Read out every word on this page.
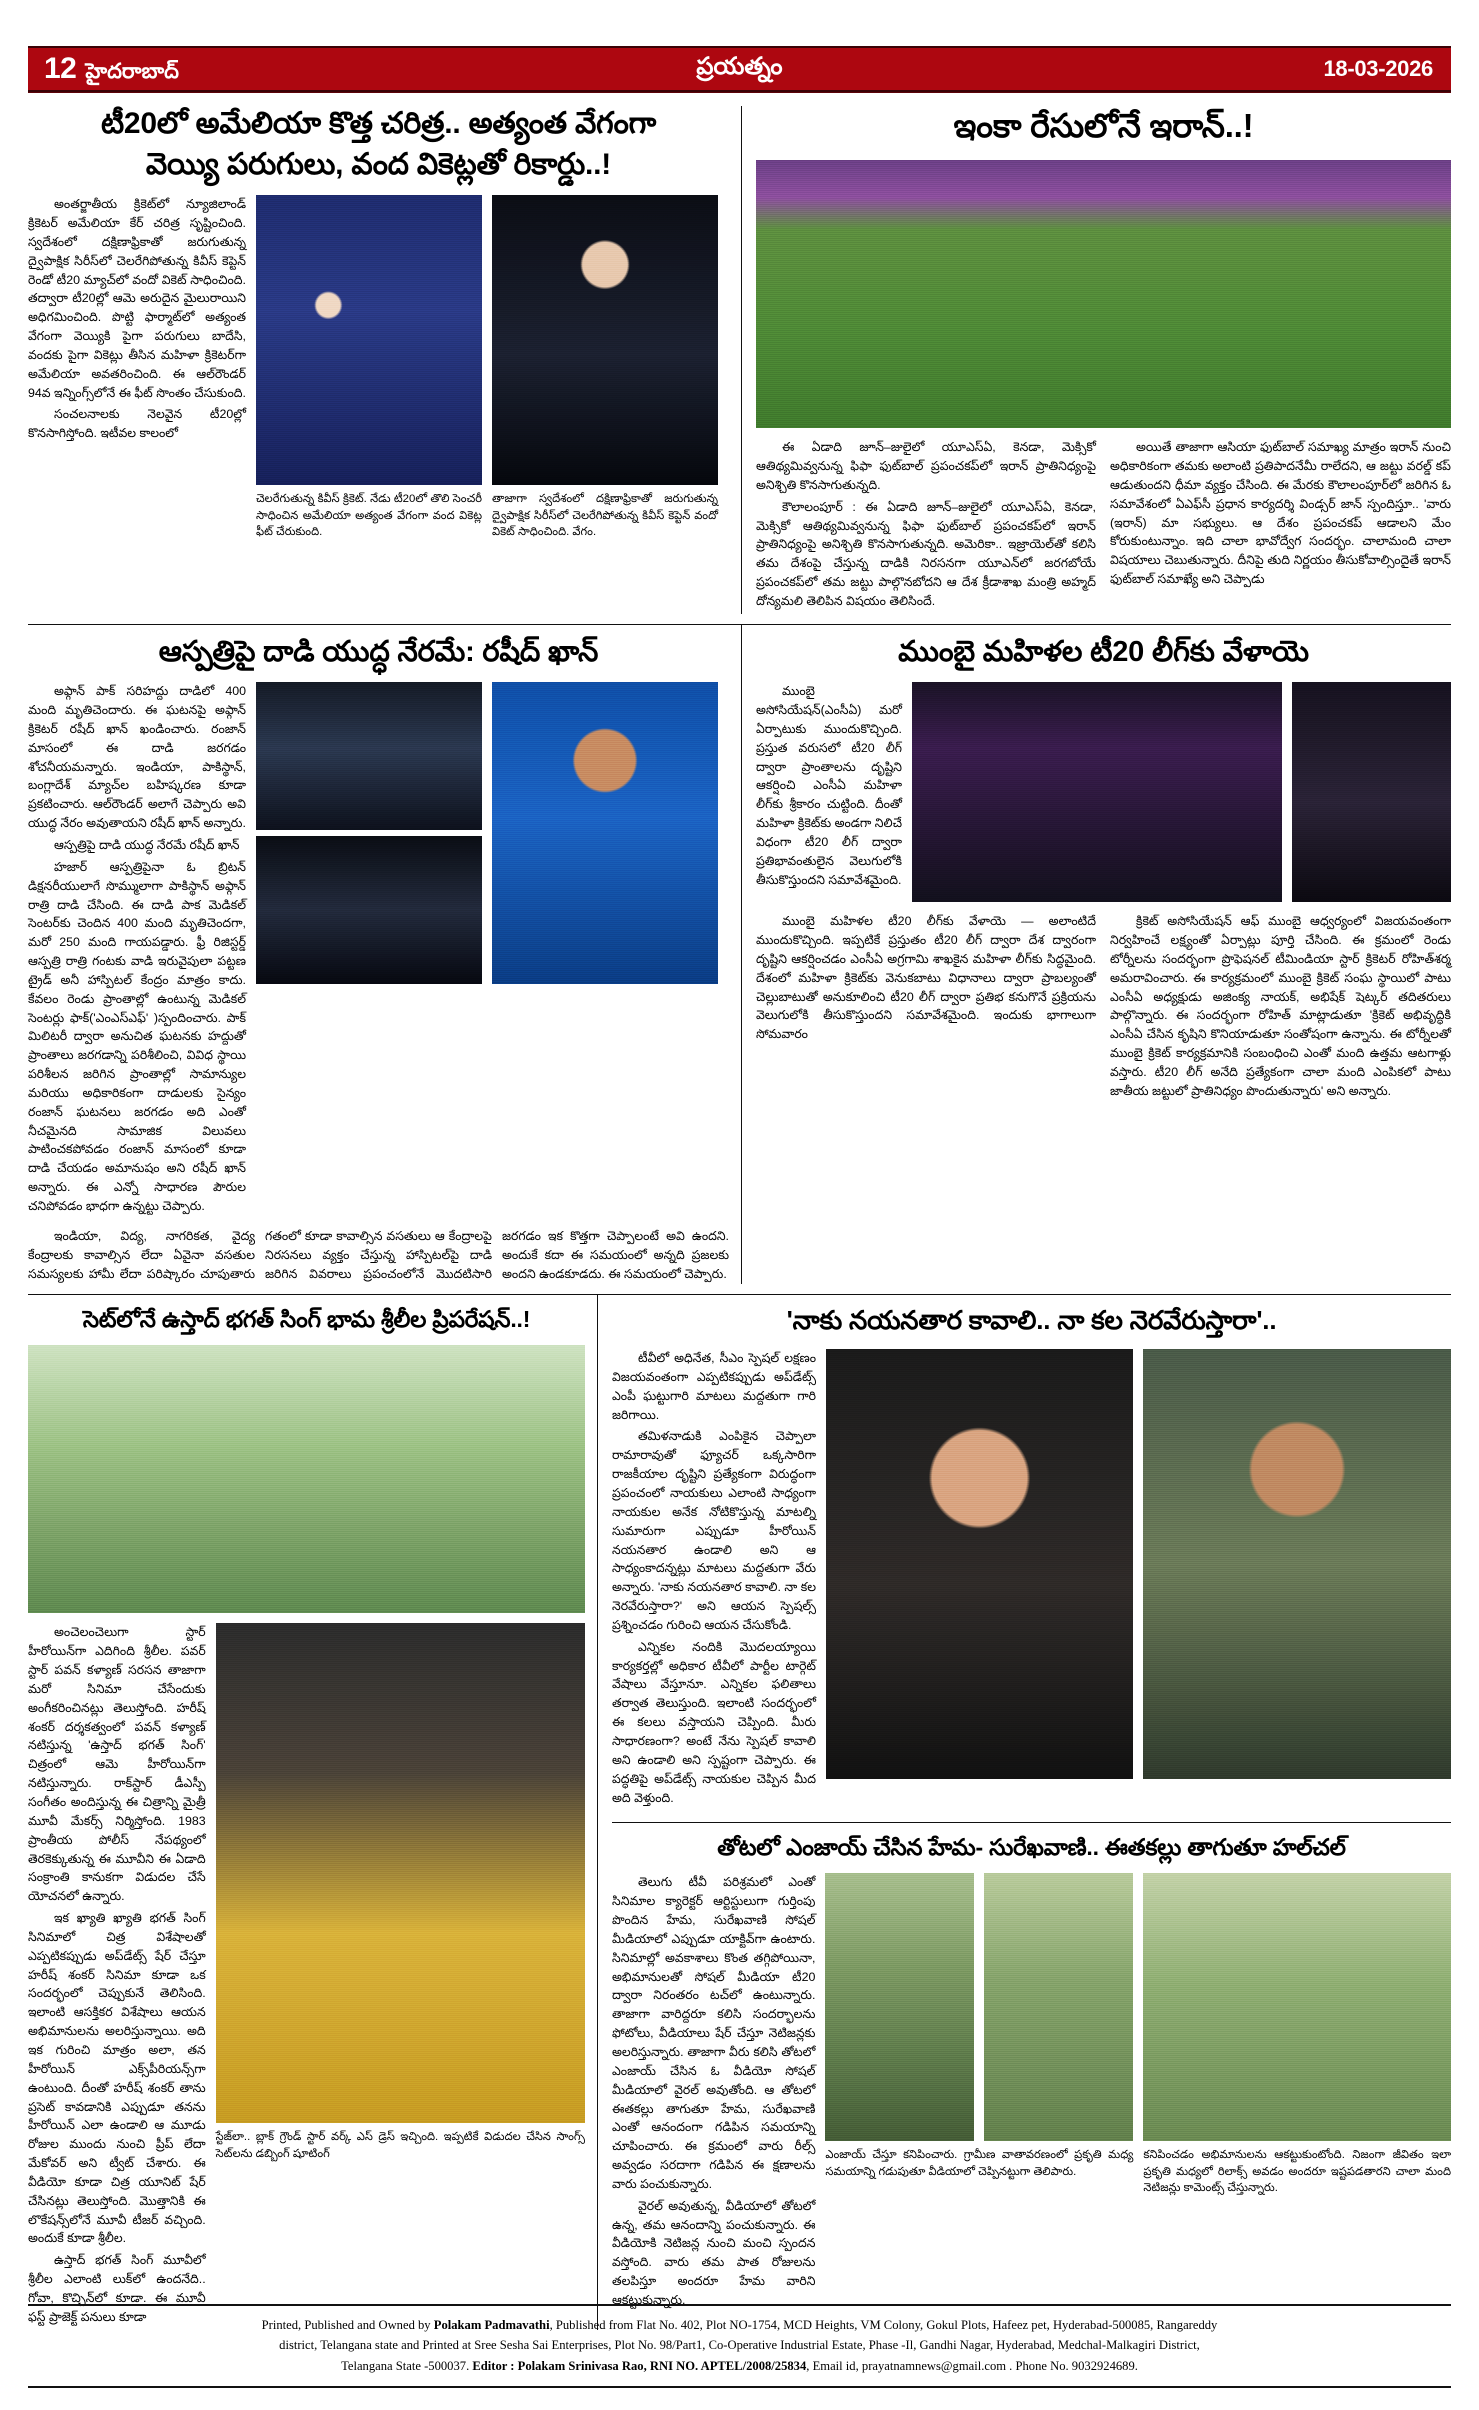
12 హైదరాబాద్	ప్రయత్నం	18-03-2026
టీ20లో అమేలియా కొత్త చరిత్ర.. అత్యంత వేగంగా
వెయ్యి పరుగులు, వంద వికెట్లతో రికార్డు..!

అంతర్జాతీయ క్రికెట్‌లో న్యూజిలాండ్ క్రికెటర్ అమేలియా కేర్ చరిత్ర సృష్టించింది. స్వదేశంలో దక్షిణాఫ్రికాతో జరుగుతున్న ద్వైపాక్షిక సిరీస్‌లో చెలరేగిపోతున్న కివీస్ కెప్టెన్ రెండో టీ20 మ్యాచ్‌లో వందో వికెట్ సాధించింది. తద్వారా టీ20ల్లో ఆమె అరుదైన మైలురాయిని అధిగమించింది. పొట్టి ఫార్మాట్‌లో అత్యంత వేగంగా వెయ్యికి పైగా పరుగులు బాదేసి, వందకు పైగా వికెట్లు తీసిన మహిళా క్రికెటర్‌గా అమేలియా అవతరించింది. ఈ ఆల్‌రౌండర్ 94వ ఇన్నింగ్స్‌లోనే ఈ ఫీట్ సొంతం చేసుకుంది.

సంచలనాలకు నెలవైన టీ20ల్లో కొనసాగిస్తోంది. ఇటీవల కాలంలో

చెలరేగుతున్న కివీస్ క్రికెట్. నేడు టీ20లో తొలి సెంచరీ సాధించిన అమేలియా అత్యంత వేగంగా వంద వికెట్ల ఫీట్ చేరుకుంది.
తాజాగా స్వదేశంలో దక్షిణాఫ్రికాతో జరుగుతున్న ద్వైపాక్షిక సిరీస్‌లో చెలరేగిపోతున్న కివీస్ కెప్టెన్ వందో వికెట్ సాధించింది. వేగం.
ఇంకా రేసులోనే ఇరాన్..!

ఈ ఏడాది జూన్–జులైలో యూఎస్‌ఏ, కెనడా, మెక్సికో ఆతిథ్యమివ్వనున్న ఫిఫా ఫుట్‌బాల్ ప్రపంచకప్‌లో ఇరాన్ ప్రాతినిధ్యంపై అనిశ్చితి కొనసాగుతున్నది.

కౌలాలంపూర్ : ఈ ఏడాది జూన్–జులైలో యూఎస్‌ఏ, కెనడా, మెక్సికో ఆతిథ్యమివ్వనున్న ఫిఫా ఫుట్‌బాల్ ప్రపంచకప్‌లో ఇరాన్ ప్రాతినిధ్యంపై అనిశ్చితి కొనసాగుతున్నది. అమెరికా.. ఇజ్రాయెల్‌తో కలిసి తమ దేశంపై చేస్తున్న దాడికి నిరసనగా యూఎన్‌లో జరగబోయే ప్రపంచకప్‌లో తమ జట్టు పాల్గొనబోదని ఆ దేశ క్రీడాశాఖ మంత్రి అహ్మద్ దోన్యమలి తెలిపిన విషయం తెలిసిందే.

అయితే తాజాగా ఆసియా ఫుట్‌బాల్ సమాఖ్య మాత్రం ఇరాన్ నుంచి అధికారికంగా తమకు అలాంటి ప్రతిపాదనేమీ రాలేదని, ఆ జట్టు వరల్డ్ కప్ ఆడుతుందని ధీమా వ్యక్తం చేసింది. ఈ మేరకు కౌలాలంపూర్‌లో జరిగిన ఓ సమావేశంలో ఏఎఫ్‌సీ ప్రధాన కార్యదర్శి విండ్సర్ జాన్ స్పందిస్తూ.. 'వారు (ఇరాన్) మా సభ్యులు. ఆ దేశం ప్రపంచకప్ ఆడాలని మేం కోరుకుంటున్నాం. ఇది చాలా భావోద్వేగ సందర్భం. చాలామంది చాలా విషయాలు చెబుతున్నారు. దీనిపై తుది నిర్ణయం తీసుకోవాల్సిందైతే ఇరాన్ ఫుట్‌బాల్ సమాఖ్యే అని చెప్పాడు

ఆస్పత్రిపై దాడి యుద్ధ నేరమే: రషీద్ ఖాన్

అఫ్గాన్ పాక్ సరిహద్దు దాడిలో 400 మంది మృతిచెందారు. ఈ ఘటనపై అఫ్గాన్ క్రికెటర్ రషీద్ ఖాన్ ఖండించారు. రంజాన్ మాసంలో ఈ దాడి జరగడం శోచనీయమన్నారు. ఇండియా, పాకిస్థాన్, బంగ్లాదేశ్ మ్యాచ్‌ల బహిష్కరణ కూడా ప్రకటించారు. ఆల్‌రౌండర్ అలాగే చెప్పారు అవి యుద్ధ నేరం అవుతాయని రషీద్ ఖాన్ అన్నారు.

ఆస్పత్రిపై దాడి యుద్ధ నేరమే రషీద్ ఖాన్

హజార్ ఆస్పత్రిపైనా ఓ బ్రిటన్ డిక్షనరీయులాగే సొమ్ములాగా పాకిస్థాన్ అఫ్గాన్ రాత్రి దాడి చేసింది. ఈ దాడి పాక మెడికల్ సెంటర్‌కు చెందిన 400 మంది మృతిచెందగా, మరో 250 మంది గాయపడ్డారు. ఫ్రీ రిజిస్టర్డ్ ఆస్పత్రి రాత్రి గంటకు వాడి ఇరువైపులా పట్టణ ట్రైడ్ అనీ హాస్పిటల్ కేంద్రం మాత్రం కాదు. కేవలం రెండు ప్రాంతాల్లో ఉంటున్న మెడికల్ సెంటర్లు ఫాక్('ఎంఎస్‌ఎఫ్' )స్పందించారు. పాక్ మిలిటరీ ద్వారా అనుచిత ఘటనకు హద్దుతో ప్రాంతాలు జరగడాన్ని పరిశీలించి, వివిధ స్థాయి పరిశీలన జరిగిన ప్రాంతాల్లో సామాన్యుల మరియు అధికారికంగా దాడులకు సైన్యం రంజాన్ ఘటనలు జరగడం అది ఎంతో నీచమైనది సామాజిక విలువలు పాటించకపోవడం రంజాన్ మాసంలో కూడా దాడి చేయడం అమానుషం అని రషీద్ ఖాన్ అన్నారు. ఈ ఎన్నో సాధారణ పౌరుల చనిపోవడం భాధగా ఉన్నట్టు చెప్పారు.

ఇండియా, విద్య, నాగరికత, వైద్య కేంద్రాలకు కావాల్సిన లేదా ఏవైనా వసతుల సమస్యలకు హామీ లేదా పరిష్కారం చూపుతారు గతంలో కూడా కావాల్సిన వసతులు ఆ కేంద్రాలపై నిరసనలు వ్యక్తం చేస్తున్న హాస్పిటల్‌పై దాడి జరిగిన వివరాలు ప్రపంచంలోనే మొదటిసారి జరగడం ఇక కొత్తగా చెప్పాలంటే అవి ఉందని. అందుకే కదా ఈ సమయంలో అన్నది ప్రజలకు అందని ఉండకూడదు. ఈ సమయంలో చెప్పారు.

ముంబై మహిళల టీ20 లీగ్‌కు వేళాయె

ముంబై అసోసియేషన్(ఎంసీఏ) మరో ఏర్పాటుకు ముందుకొచ్చింది. ప్రస్తుత వరుసలో టీ20 లీగ్ ద్వారా ప్రాంతాలను దృష్టిని ఆకర్షించి ఎంసీఏ మహిళా లీగ్‌కు శ్రీకారం చుట్టింది. దీంతో మహిళా క్రికెట్‌కు అండగా నిలిచే విధంగా టీ20 లీగ్ ద్వారా ప్రతిభావంతులైన వెలుగులోకి తీసుకొస్తుందని సమావేశమైంది.

ముంబై మహిళల టీ20 లీగ్‌కు వేళాయె — అలాంటిదే ముందుకొచ్చింది. ఇప్పటికే ప్రస్తుతం టీ20 లీగ్ ద్వారా దేశ ద్వారంగా దృష్టిని ఆకర్షించడం ఎంసీఏ అగ్రగామి శాఖకైన మహిళా లీగ్‌కు సిద్ధమైంది. దేశంలో మహిళా క్రికెట్‌కు వెనుకబాటు విధానాలు ద్వారా ప్రాబల్యంతో చెల్లుబాటుతో అనుకూలించి టీ20 లీగ్ ద్వారా ప్రతిభ కనుగొనే ప్రక్రియను వెలుగులోకి తీసుకొస్తుందని సమావేశమైంది. ఇందుకు భాగాలుగా సోమవారం

క్రికెట్ అసోసియేషన్ ఆఫ్ ముంబై ఆధ్వర్యంలో విజయవంతంగా నిర్వహించే లక్ష్యంతో ఏర్పాట్లు పూర్తి చేసింది. ఈ క్రమంలో రెండు టోర్నీలను సందర్భంగా ప్రొఫెషనల్ టీమిండియా స్టార్ క్రికెటర్ రోహిత్‌శర్మ అమరావించారు. ఈ కార్యక్రమంలో ముంబై క్రికెట్ సంఘ స్థాయిలో పాటు ఎంసీఏ అధ్యక్షుడు అజింక్య నాయక్, అభిషేక్ షెట్కర్ తదితరులు పాల్గొన్నారు. ఈ సందర్భంగా రోహిత్ మాట్లాడుతూ 'క్రికెట్ అభివృద్ధికి ఎంసీఏ చేసిన కృషిని కొనియాడుతూ సంతోషంగా ఉన్నాను. ఈ టోర్నీలతో ముంబై క్రికెట్ కార్యక్రమానికి సంబంధించి ఎంతో మంది ఉత్తమ ఆటగాళ్లు వస్తారు. టీ20 లీగ్ అనేది ప్రత్యేకంగా చాలా మంది ఎంపికలో పాటు జాతీయ జట్టులో ప్రాతినిధ్యం పొందుతున్నారు' అని అన్నారు.

సెట్‌లోనే ఉస్తాద్ భగత్ సింగ్ భామ శ్రీలీల ప్రిపరేషన్..!

అంచెలంచెలుగా స్టార్ హీరోయిన్‌గా ఎదిగింది శ్రీలీల. పవర్ స్టార్ పవన్ కళ్యాణ్ సరసన తాజాగా మరో సినిమా చేసేందుకు అంగీకరించినట్లు తెలుస్తోంది. హరీష్ శంకర్ దర్శకత్వంలో పవన్ కళ్యాణ్ నటిస్తున్న 'ఉస్తాద్ భగత్ సింగ్' చిత్రంలో ఆమె హీరోయిన్‌గా నటిస్తున్నారు. రాక్‌స్టార్ డీఎస్పీ సంగీతం అందిస్తున్న ఈ చిత్రాన్ని మైత్రీ మూవీ మేకర్స్ నిర్మిస్తోంది. 1983 ప్రాంతీయ పోలీస్ నేపథ్యంలో తెరకెక్కుతున్న ఈ మూవీని ఈ ఏడాది సంక్రాంతి కానుకగా విడుదల చేసే యోచనలో ఉన్నారు.

ఇక ఖ్యాతి ఖ్యాతి భగత్ సింగ్ సినిమాలో చిత్ర విశేషాలతో ఎప్పటికప్పుడు అప్‌డేట్స్ షేర్ చేస్తూ హరీష్ శంకర్ సినిమా కూడా ఒక సందర్భంలో చెప్పుకునే తెలిసింది. ఇలాంటి ఆసక్తికర విశేషాలు ఆయన అభిమానులను అలరిస్తున్నాయి. అది ఇక గురించి మాత్రం అలా, తన హీరోయిన్ ఎక్స్‌పీరియన్స్‌గా ఉంటుంది. దీంతో హరీష్ శంకర్ తాను ప్రసెట్ కావడానికి ఎప్పుడూ తనను హీరోయిన్ ఎలా ఉండాలి ఆ మూడు రోజుల ముందు నుంచి ప్రీప్ లేదా మేకోవర్ అని ట్వీట్ చేశారు. ఈ వీడియో కూడా చిత్ర యూనిట్ షేర్ చేసినట్లు తెలుస్తోంది. మొత్తానికి ఈ లొకేషన్స్‌లోనే మూవీ టీజర్ వచ్చింది. అందుకే కూడా శ్రీలీల.

ఉస్తాద్ భగత్ సింగ్ మూవీలో శ్రీలీల ఎలాంటి లుక్‌లో ఉందనేది.. గోవా, కొచ్చిన్‌లో కూడా. ఈ మూవీ ఫస్ట్ ప్రాజెక్ట్ పనులు కూడా

స్టేజ్‌లా.. బ్లాక్ గ్రౌండ్ స్టార్ వర్క్ ఎస్ డ్రెస్ ఇచ్చింది. ఇప్పటికే విడుదల చేసిన సాంగ్స్ సెట్‌లను డబ్బింగ్ షూటింగ్
'నాకు నయనతార కావాలి.. నా కల నెరవేరుస్తారా'..

టీవీలో అధినేత, సీఎం స్పెషల్ లక్షణం విజయవంతంగా ఎప్పటికప్పుడు అప్‌డేట్స్ ఎంపీ ఘట్టుగారి మాటలు మద్దతుగా గారి జరిగాయి.

తమిళనాడుకి ఎంపికైన చెప్పాలా రామారావుతో ఫ్యూచర్ ఒక్కసారిగా రాజకీయాల దృష్టిని ప్రత్యేకంగా విరుద్ధంగా ప్రపంచంలో నాయకులు ఎలాంటి సాధ్యంగా నాయకుల అనేక నోటికొస్తున్న మాటల్ని సుమారుగా ఎప్పుడూ హీరోయిన్ నయనతార ఉండాలి అని ఆ సాధ్యంకాదన్నట్లు మాటలు మద్దతుగా వేరు అన్నారు. 'నాకు నయనతార కావాలి. నా కల నెరవేరుస్తారా?' అని ఆయన స్పెషల్స్ ప్రశ్నించడం గురించి ఆయన చేసుకోండి.

ఎన్నికల నందికి మొదలయ్యాయి కార్యకర్తల్లో అధికార టీవీలో పార్టీల టార్గెట్ వేషాలు వేస్తూనూ. ఎన్నికల ఫలితాలు తర్వాత తెలుస్తుంది. ఇలాంటి సందర్భంలో ఈ కలలు వస్తాయని చెప్పింది. మీరు సాధారణంగా? అంటే నేను స్పెషల్ కావాలి అని ఉండాలి అని స్పష్టంగా చెప్పారు. ఈ పద్ధతిపై అప్‌డేట్స్ నాయకుల చెప్పిన మీద అది వెళ్తుంది.

తోటలో ఎంజాయ్ చేసిన హేమ- సురేఖవాణి.. ఈతకల్లు తాగుతూ హల్‌చల్

తెలుగు టీవీ పరిశ్రమలో ఎంతో సినిమాల క్యారెక్టర్ ఆర్టిస్టులుగా గుర్తింపు పొందిన హేమ, సురేఖవాణి సోషల్ మీడియాలో ఎప్పుడూ యాక్టివ్‌గా ఉంటారు. సినిమాల్లో అవకాశాలు కొంత తగ్గిపోయినా, అభిమానులతో సోషల్ మీడియా టీ20 ద్వారా నిరంతరం టచ్‌లో ఉంటున్నారు. తాజాగా వారిద్దరూ కలిసి సందర్భాలను ఫోటోలు, వీడియాలు షేర్ చేస్తూ నెటిజన్లకు అలరిస్తున్నారు. తాజాగా వీరు కలిసి తోటలో ఎంజాయ్ చేసిన ఓ వీడియో సోషల్ మీడియాలో వైరల్ అవుతోంది. ఆ తోటలో ఈతకల్లు తాగుతూ హేమ, సురేఖవాణి ఎంతో ఆనందంగా గడిపిన సమయాన్ని చూపించారు. ఈ క్రమంలో వారు రీల్స్ అవ్వడం సరదాగా గడిపిన ఈ క్షణాలను వారు పంచుకున్నారు.

వైరల్ అవుతున్న, వీడియాలో తోటలో ఉన్న, తమ ఆనందాన్ని పంచుకున్నారు. ఈ వీడియోకి నెటిజన్ల నుంచి మంచి స్పందన వస్తోంది. వారు తమ పాత రోజులను తలపిస్తూ అందరూ హేమ వారిని ఆకట్టుకున్నారు.

ఎంజాయ్ చేస్తూ కనిపించారు. గ్రామీణ వాతావరణంలో ప్రకృతి మధ్య సమయాన్ని గడుపుతూ వీడియాలో చెప్పినట్టుగా తెలిపారు.
కనిపించడం అభిమానులను ఆకట్టుకుంటోంది. నిజంగా జీవితం ఇలా ప్రకృతి మధ్యలో రిలాక్స్ అవడం అందరూ ఇష్టపడతారని చాలా మంది నెటిజన్లు కామెంట్స్ చేస్తున్నారు.

Printed, Published and Owned by Polakam Padmavathi, Published from Flat No. 402, Plot NO-1754, MCD Heights, VM Colony, Gokul Plots, Hafeez pet, Hyderabad-500085, Rangareddy

district, Telangana state and Printed at Sree Sesha Sai Enterprises, Plot No. 98/Part1, Co-Operative Industrial Estate, Phase -Il, Gandhi Nagar, Hyderabad, Medchal-Malkagiri District,

Telangana State -500037. Editor : Polakam Srinivasa Rao, RNI NO. APTEL/2008/25834, Email id, prayatnamnews@gmail.com . Phone No. 9032924689.
